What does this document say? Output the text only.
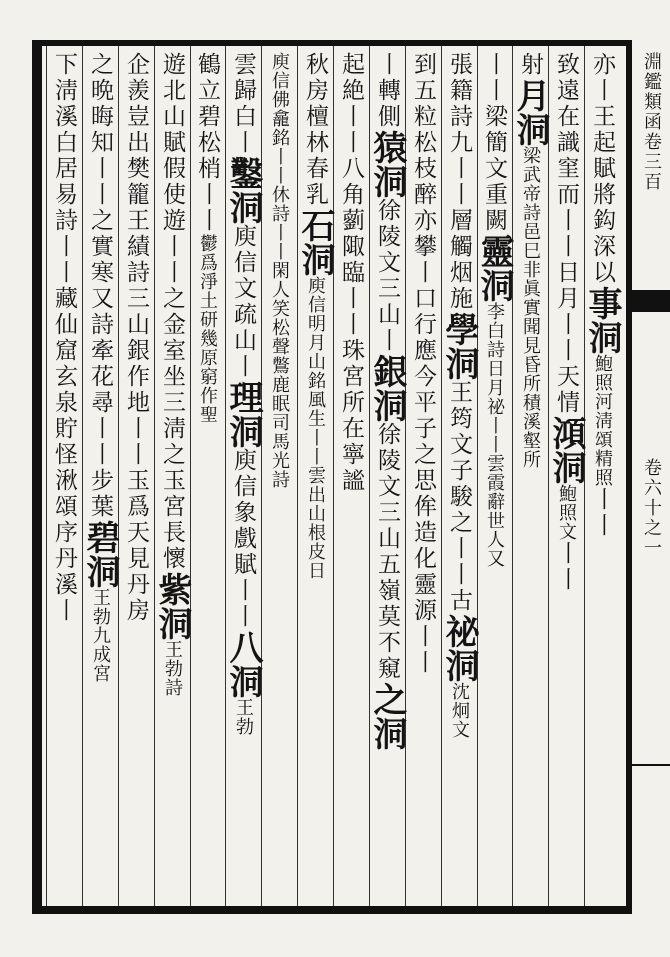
淵鑑類函卷三百  卷六十之一
亦丨王起賦將鈎深以事洞鮑照河淸頌精照丨丨
致遠在識窐而丨丨日月丨丨天情澒洞鮑照文丨丨
射月洞梁武帝詩邑巳非眞實聞見昏所積溪壑所
丨丨梁簡文重闕靈洞李白詩日月祕丨丨雲霞辭世人又
張籍詩九丨丨層觸烟施學洞王筠文子駿之丨丨古祕洞沈炯文
到五粒松枝醉亦攀丨口行應今平子之思侔造化靈源丨丨
丨轉側猿洞徐陵文三山丨銀洞徐陵文三山五嶺莫不窺之洞
起絶丨丨八角藰陬臨丨丨珠宮所在寧謐
秋房檀林春乳石洞庾信明月山銘風生丨丨雲出山根皮日
庾信佛龕銘丨丨休詩丨丨閑人笑松聲鷩鹿眠司馬光詩
雲歸白丨鑿洞庾信文疏山丨理洞庾信象戲賦丨丨八洞王勃
鶴立碧松梢丨丨鬱爲淨土研幾原窮作聖
遊北山賦假使遊丨丨之金室坐三淸之玉宮長懷紫洞王勃詩
企羨豈出樊籠王績詩三山銀作地丨丨玉爲天見丹房
之晩晦知丨丨之實寒又詩牽花尋丨丨步葉碧洞王勃九成宮
下淸溪白居易詩丨丨藏仙窟玄泉貯怪湫頌序丹溪丨
